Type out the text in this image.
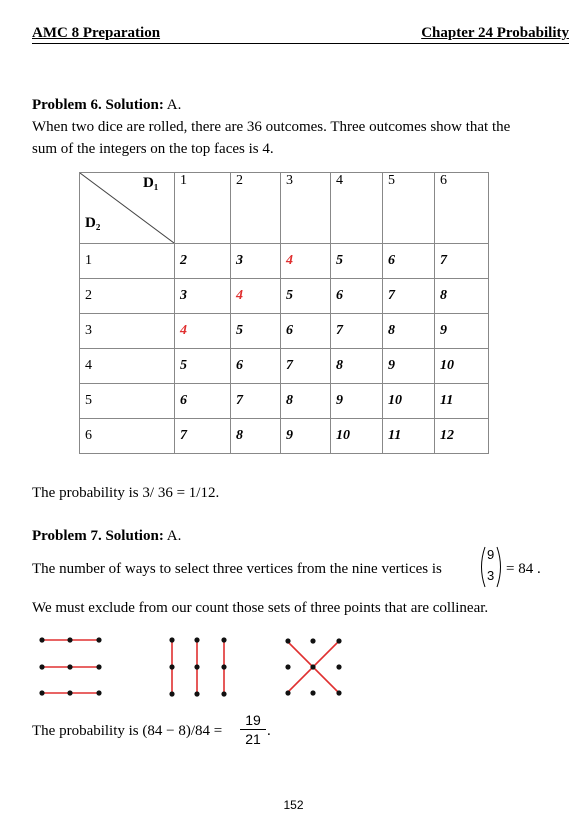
AMC 8 Preparation	Chapter 24 Probability
Problem 6. Solution: A.
When two dice are rolled, there are 36 outcomes. Three outcomes show that the
sum of the integers on the top faces is 4.
D₁
D₂	1	2	3	4	5	6
1	2	3	4	5	6	7
2	3	4	5	6	7	8
3	4	5	6	7	8	9
4	5	6	7	8	9	10
5	6	7	8	9	10	11
6	7	8	9	10	11	12
The probability is 3/ 36 = 1/12.
Problem 7. Solution: A.
The number of ways to select three vertices from the nine vertices is
9
3 = 84 .
We must exclude from our count those sets of three points that are collinear.
The probability is $(84 - 8)/84 = \frac{19}{21}$ .
152
